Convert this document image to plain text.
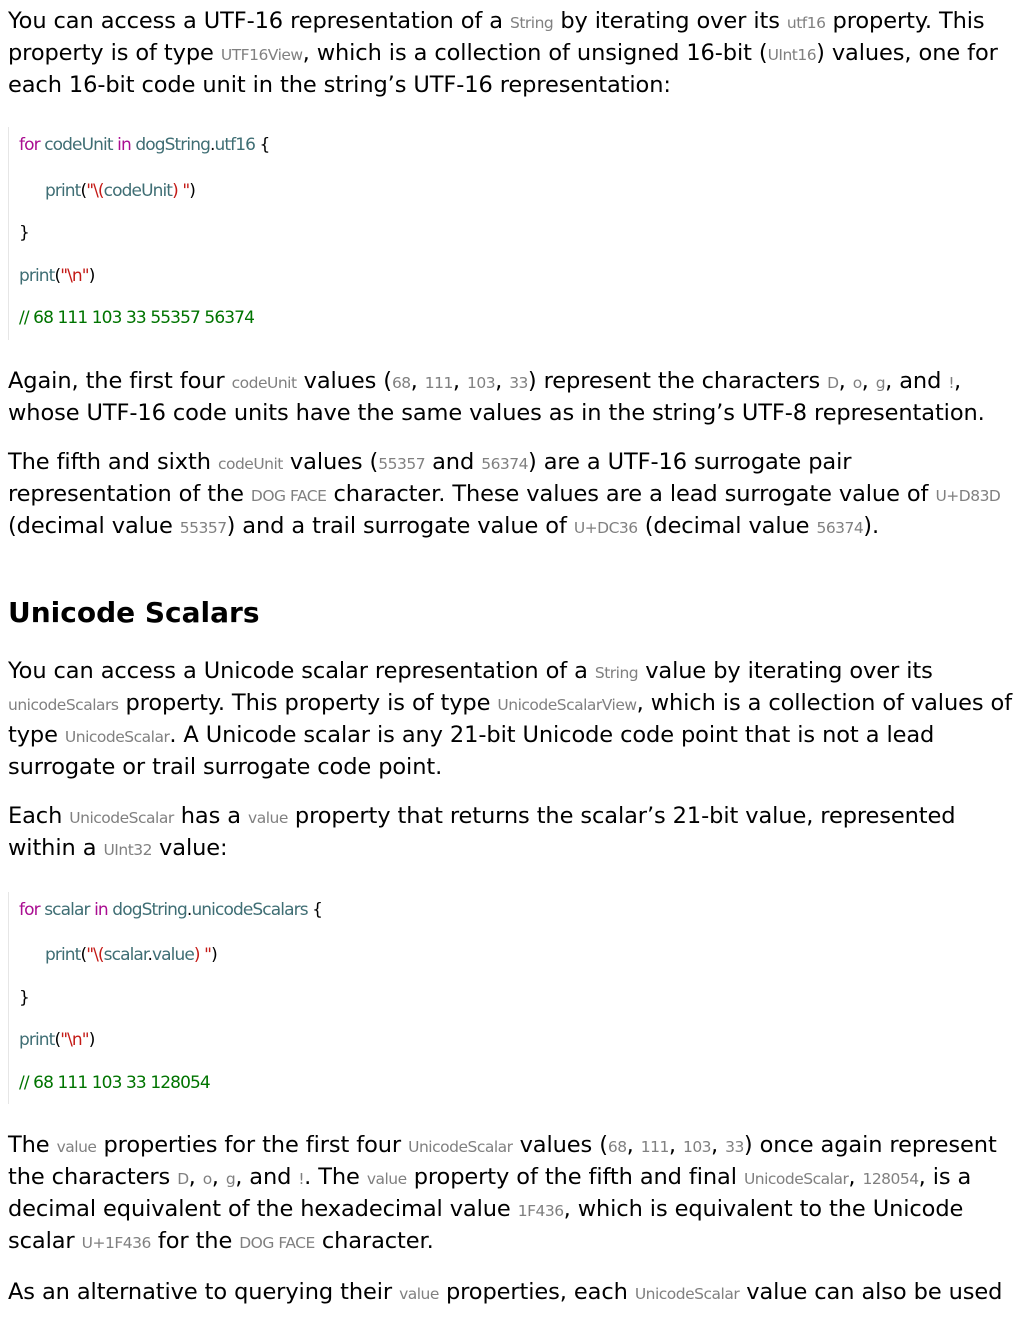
You can access a UTF-16 representation of a String by iterating over its utf16 property. This property is of type UTF16View, which is a collection of unsigned 16-bit (UInt16) values, one for each 16-bit code unit in the string’s UTF-16 representation:

for codeUnit in dogString.utf16 {
print("\(codeUnit) ")
}
print("\n")
// 68 111 103 33 55357 56374

Again, the first four codeUnit values (68, 111, 103, 33) represent the characters D, o, g, and !, whose UTF-16 code units have the same values as in the string’s UTF-8 representation.

The fifth and sixth codeUnit values (55357 and 56374) are a UTF-16 surrogate pair representation of the DOG FACE character. These values are a lead surrogate value of U+D83D (decimal value 55357) and a trail surrogate value of U+DC36 (decimal value 56374).

Unicode Scalars

You can access a Unicode scalar representation of a String value by iterating over its unicodeScalars property. This property is of type UnicodeScalarView, which is a collection of values of type UnicodeScalar. A Unicode scalar is any 21-bit Unicode code point that is not a lead surrogate or trail surrogate code point.

Each UnicodeScalar has a value property that returns the scalar’s 21-bit value, represented within a UInt32 value:

for scalar in dogString.unicodeScalars {
print("\(scalar.value) ")
}
print("\n")
// 68 111 103 33 128054

The value properties for the first four UnicodeScalar values (68, 111, 103, 33) once again represent the characters D, o, g, and !. The value property of the fifth and final UnicodeScalar, 128054, is a decimal equivalent of the hexadecimal value 1F436, which is equivalent to the Unicode scalar U+1F436 for the DOG FACE character.

As an alternative to querying their value properties, each UnicodeScalar value can also be used
